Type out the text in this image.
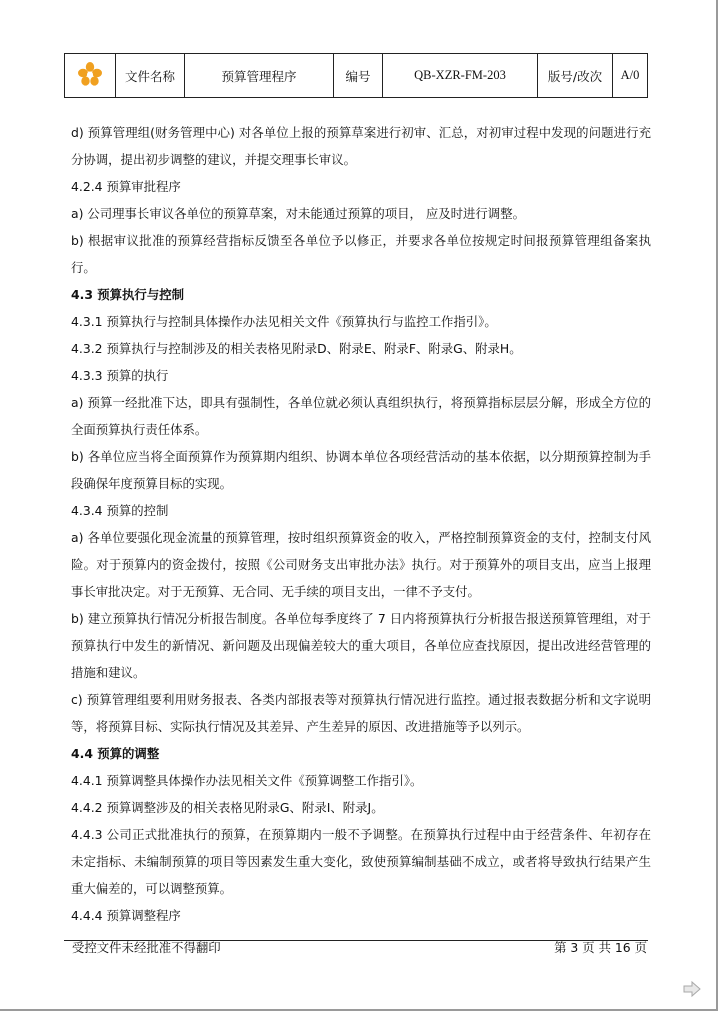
	文件名称	预算管理程序	编号	QB-XZR-FM-203	版号/改次	A/0

d) 预算管理组(财务管理中心) 对各单位上报的预算草案进行初审、汇总，对初审过程中发现的问题进行充分协调，提出初步调整的建议，并提交理事长审议。

4.2.4 预算审批程序

a) 公司理事长审议各单位的预算草案，对未能通过预算的项目， 应及时进行调整。

b) 根据审议批准的预算经营指标反馈至各单位予以修正，并要求各单位按规定时间报预算管理组备案执行。

4.3 预算执行与控制

4.3.1 预算执行与控制具体操作办法见相关文件《预算执行与监控工作指引》。

4.3.2 预算执行与控制涉及的相关表格见附录D、附录E、附录F、附录G、附录H。

4.3.3 预算的执行

a) 预算一经批准下达，即具有强制性，各单位就必须认真组织执行，将预算指标层层分解，形成全方位的全面预算执行责任体系。

b) 各单位应当将全面预算作为预算期内组织、协调本单位各项经营活动的基本依据，以分期预算控制为手段确保年度预算目标的实现。

4.3.4 预算的控制

a) 各单位要强化现金流量的预算管理，按时组织预算资金的收入，严格控制预算资金的支付，控制支付风险。对于预算内的资金拨付，按照《公司财务支出审批办法》执行。对于预算外的项目支出，应当上报理事长审批决定。对于无预算、无合同、无手续的项目支出，一律不予支付。

b) 建立预算执行情况分析报告制度。各单位每季度终了 7 日内将预算执行分析报告报送预算管理组，对于预算执行中发生的新情况、新问题及出现偏差较大的重大项目，各单位应查找原因，提出改进经营管理的措施和建议。

c) 预算管理组要利用财务报表、各类内部报表等对预算执行情况进行监控。通过报表数据分析和文字说明等，将预算目标、实际执行情况及其差异、产生差异的原因、改进措施等予以列示。

4.4 预算的调整

4.4.1 预算调整具体操作办法见相关文件《预算调整工作指引》。

4.4.2 预算调整涉及的相关表格见附录G、附录I、附录J。

4.4.3 公司正式批准执行的预算，在预算期内一般不予调整。在预算执行过程中由于经营条件、年初存在未定指标、未编制预算的项目等因素发生重大变化，致使预算编制基础不成立，或者将导致执行结果产生重大偏差的，可以调整预算。

4.4.4 预算调整程序

受控文件未经批准不得翻印	第 3 页 共 16 页
